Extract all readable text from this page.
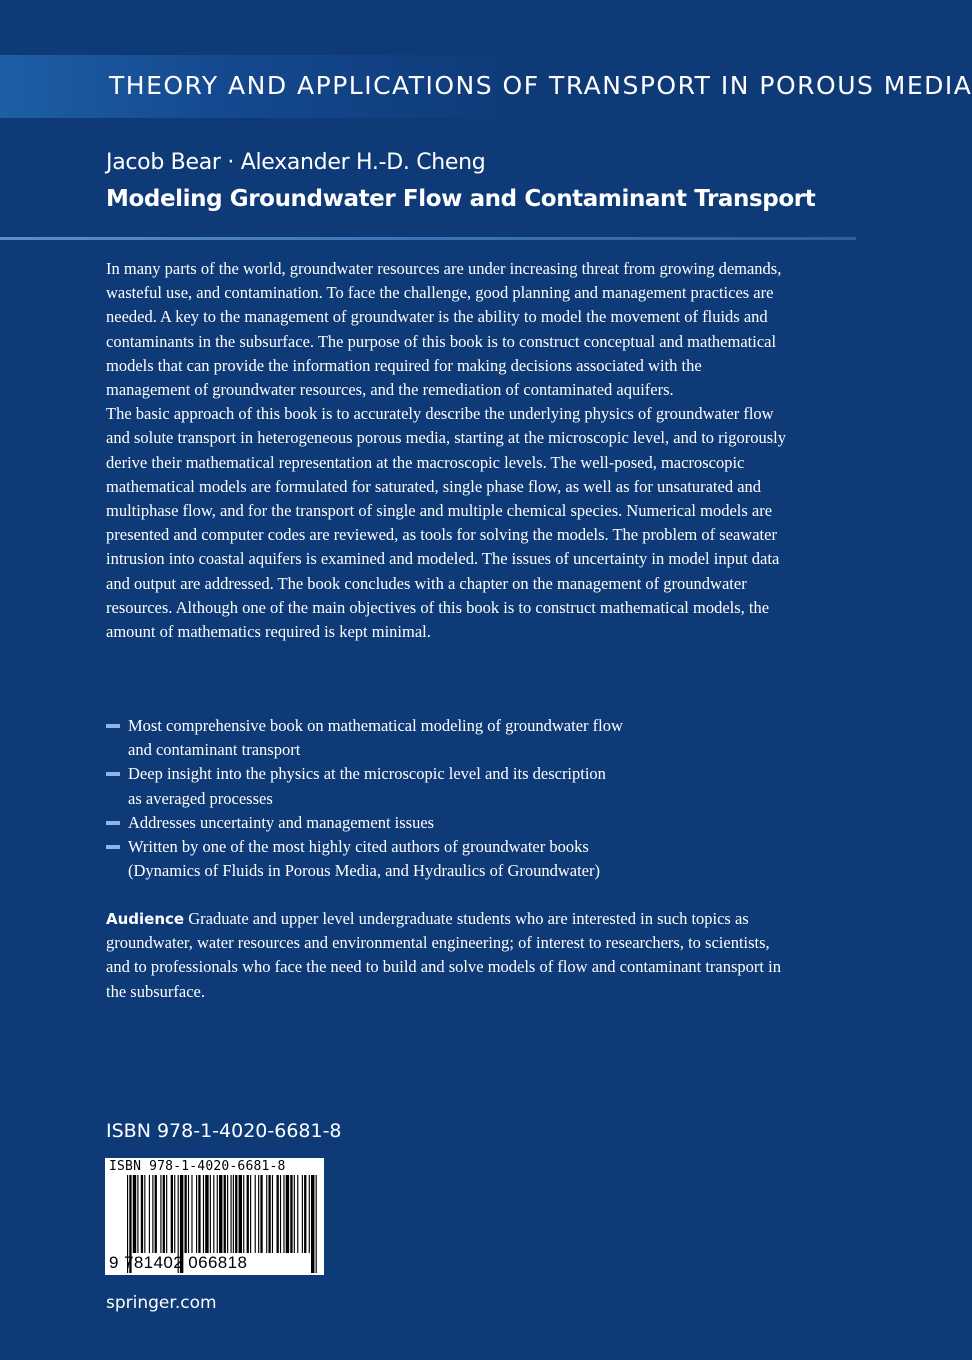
THEORY AND APPLICATIONS OF TRANSPORT IN POROUS MEDIA
Jacob Bear · Alexander H.-D. Cheng
Modeling Groundwater Flow and Contaminant Transport

In many parts of the world, groundwater resources are under increasing threat from growing demands, wasteful use, and contamination. To face the challenge, good planning and management practices are needed. A key to the management of groundwater is the ability to model the movement of fluids and contaminants in the subsurface. The purpose of this book is to construct conceptual and mathematical models that can provide the information required for making decisions associated with the management of groundwater resources, and the remediation of contaminated aquifers.

The basic approach of this book is to accurately describe the underlying physics of groundwater flow and solute transport in heterogeneous porous media, starting at the microscopic level, and to rigorously derive their mathematical representation at the macroscopic levels. The well-posed, macroscopic mathematical models are formulated for saturated, single phase flow, as well as for unsaturated and multiphase flow, and for the transport of single and multiple chemical species. Numerical models are presented and computer codes are reviewed, as tools for solving the models. The problem of seawater intrusion into coastal aquifers is examined and modeled. The issues of uncertainty in model input data and output are addressed. The book concludes with a chapter on the management of groundwater resources. Although one of the main objectives of this book is to construct mathematical models, the amount of mathematics required is kept minimal.

Most comprehensive book on mathematical modeling of groundwater flow
and contaminant transport
Deep insight into the physics at the microscopic level and its description
as averaged processes
Addresses uncertainty and management issues
Written by one of the most highly cited authors of groundwater books
(Dynamics of Fluids in Porous Media, and Hydraulics of Groundwater)
Audience Graduate and upper level undergraduate students who are interested in such topics as groundwater, water resources and environmental engineering; of interest to researchers, to scientists, and to professionals who face the need to build and solve models of flow and contaminant transport in the subsurface.
ISBN 978-1-4020-6681-8
ISBN 978-1-4020-6681-8
9 781402 066818
springer.com
